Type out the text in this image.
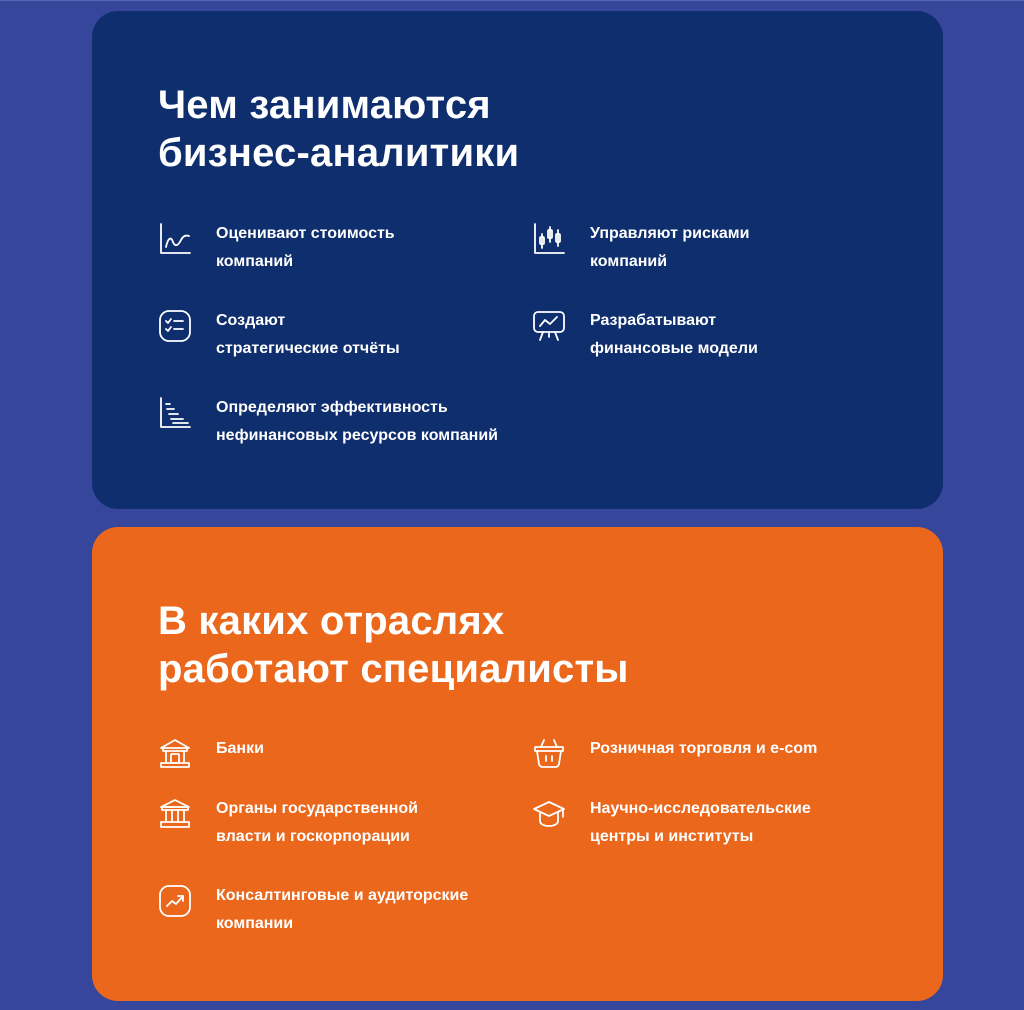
Чем занимаются
бизнес-аналитики
Оценивают стоимость
компаний
Управляют рисками
компаний
Создают
стратегические отчёты
Разрабатывают
финансовые модели
Определяют эффективность
нефинансовых ресурсов компаний
В каких отраслях
работают специалисты
Банки	Розничная торговля и e-com
Органы государственной
власти и госкорпорации
Научно-исследовательские
центры и институты
Консалтинговые и аудиторские
компании
